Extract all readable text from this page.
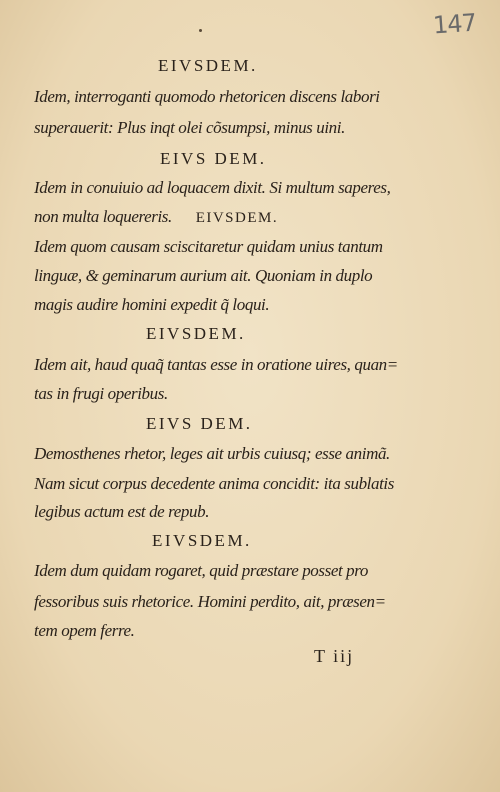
147
EIVSDEM.
Idem, interroganti quomodo rhetoricen discens labori
superauerit: Plus inqt olei cõsumpsi, minus uini.
EIVS DEM.
Idem in conuiuio ad loquacem dixit. Si multum saperes,
non multa loquereris. EIVSDEM.
Idem quom causam sciscitaretur quidam unius tantum
linguæ, & geminarum aurium ait. Quoniam in duplo
magis audire homini expedit q̃ loqui.
EIVSDEM.
Idem ait, haud quaq̃ tantas esse in oratione uires, quan=
tas in frugi operibus.
EIVS DEM.
Demosthenes rhetor, leges ait urbis cuiusq; esse animã.
Nam sicut corpus decedente anima concidit: ita sublatis
legibus actum est de repub.
EIVSDEM.
Idem dum quidam rogaret, quid præstare posset pro
fessoribus suis rhetorice. Homini perdito, ait, præsen=
tem opem ferre.
T iij
